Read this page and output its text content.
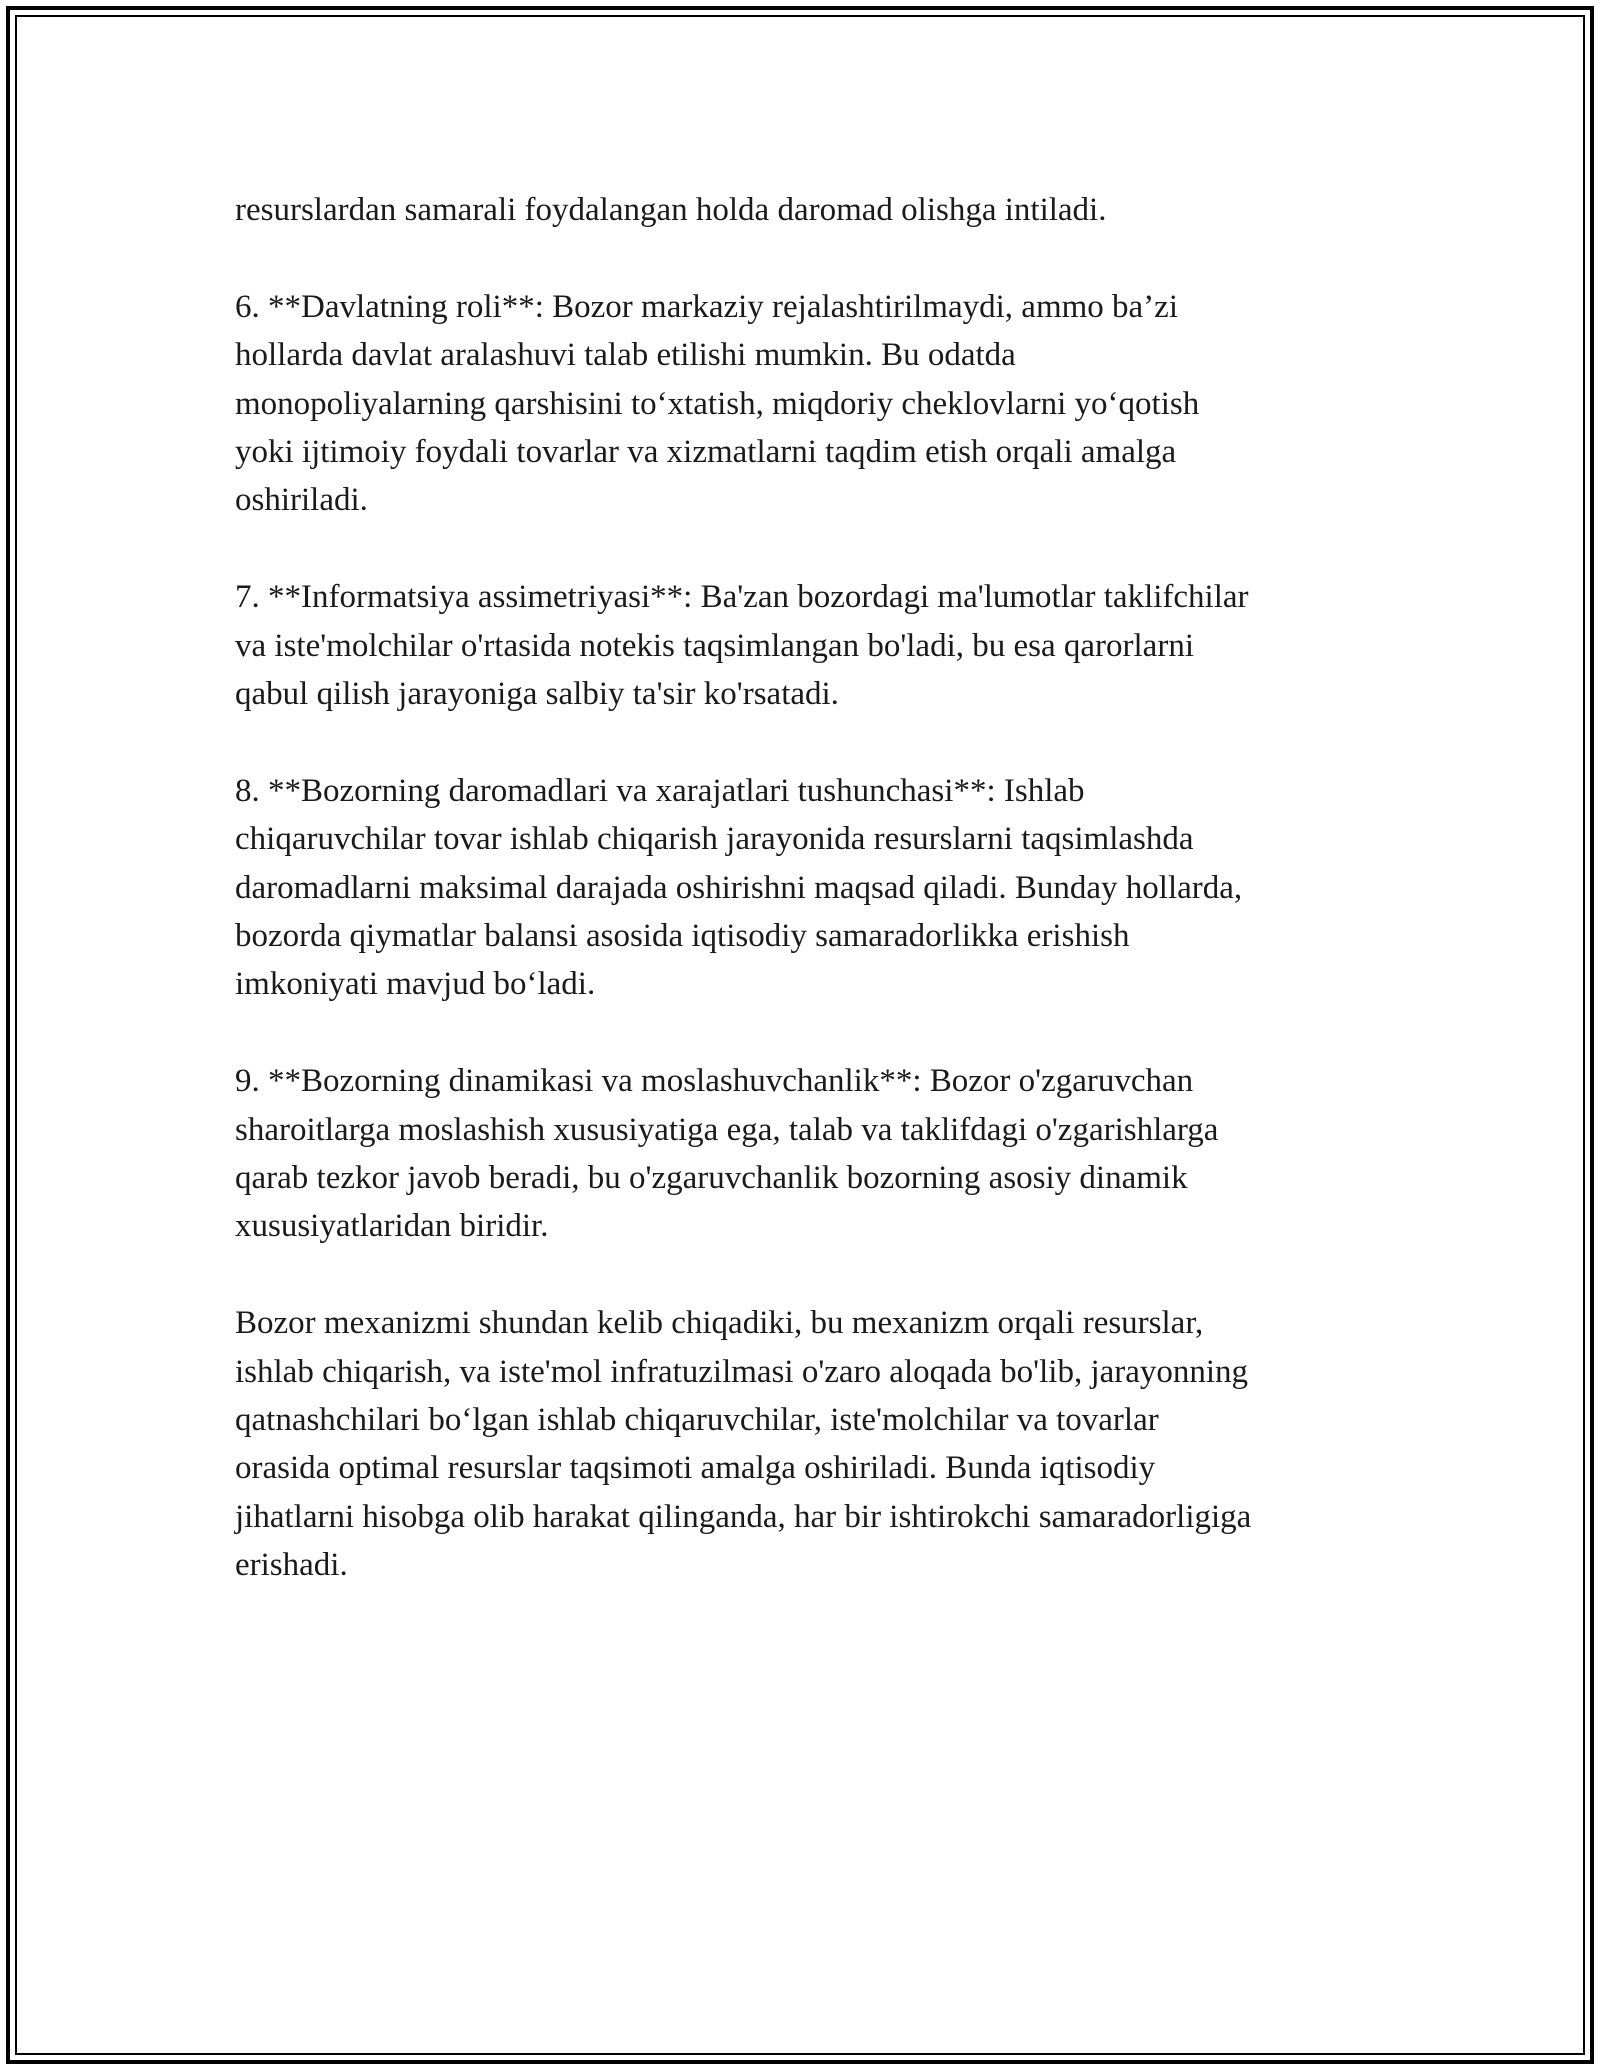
resurslardan samarali foydalangan holda daromad olishga intiladi.

6. **Davlatning roli**: Bozor markaziy rejalashtirilmaydi, ammo ba’zi
hollarda davlat aralashuvi talab etilishi mumkin. Bu odatda
monopoliyalarning qarshisini to‘xtatish, miqdoriy cheklovlarni yo‘qotish
yoki ijtimoiy foydali tovarlar va xizmatlarni taqdim etish orqali amalga
oshiriladi.

7. **Informatsiya assimetriyasi**: Ba'zan bozordagi ma'lumotlar taklifchilar
va iste'molchilar o'rtasida notekis taqsimlangan bo'ladi, bu esa qarorlarni
qabul qilish jarayoniga salbiy ta'sir ko'rsatadi.

8. **Bozorning daromadlari va xarajatlari tushunchasi**: Ishlab
chiqaruvchilar tovar ishlab chiqarish jarayonida resurslarni taqsimlashda
daromadlarni maksimal darajada oshirishni maqsad qiladi. Bunday hollarda,
bozorda qiymatlar balansi asosida iqtisodiy samaradorlikka erishish
imkoniyati mavjud bo‘ladi.

9. **Bozorning dinamikasi va moslashuvchanlik**: Bozor o'zgaruvchan
sharoitlarga moslashish xususiyatiga ega, talab va taklifdagi o'zgarishlarga
qarab tezkor javob beradi, bu o'zgaruvchanlik bozorning asosiy dinamik
xususiyatlaridan biridir.

Bozor mexanizmi shundan kelib chiqadiki, bu mexanizm orqali resurslar,
ishlab chiqarish, va iste'mol infratuzilmasi o'zaro aloqada bo'lib, jarayonning
qatnashchilari bo‘lgan ishlab chiqaruvchilar, iste'molchilar va tovarlar
orasida optimal resurslar taqsimoti amalga oshiriladi. Bunda iqtisodiy
jihatlarni hisobga olib harakat qilinganda, har bir ishtirokchi samaradorligiga
erishadi.
